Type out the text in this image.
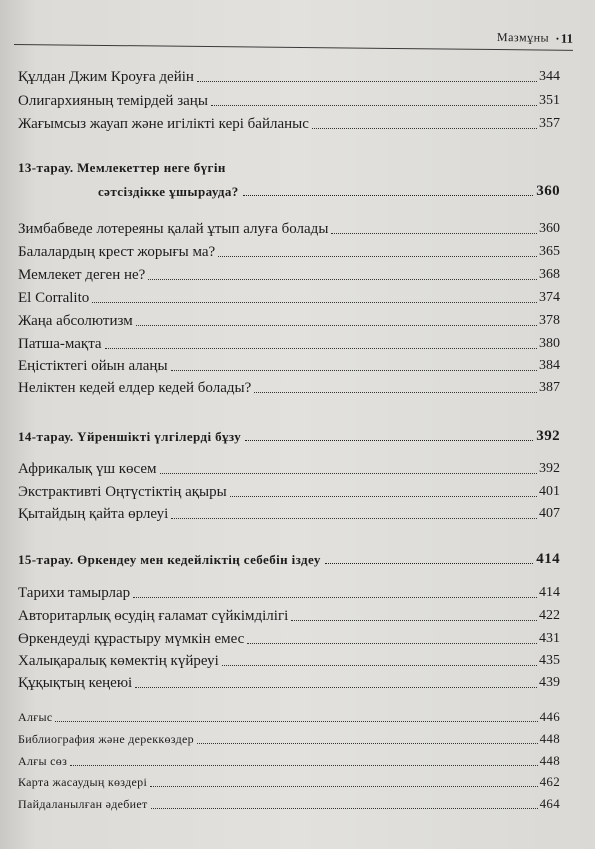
Мазмұны • 11
Құлдан Джим Кроуға дейін	344
Олигархияның темірдей заңы	351
Жағымсыз жауап және игілікті кері байланыс	357
13-тарау.
Мемлекеттер неге бүгін
сәтсіздікке ұшырауда?	360
Зимбабведе лотереяны қалай ұтып алуға болады	360
Балалардың крест жорығы ма?	365
Мемлекет деген не?	368
El Corralito	374
Жаңа абсолютизм	378
Патша-мақта	380
Еңістіктегі ойын алаңы	384
Неліктен кедей елдер кедей болады?	387
14-тарау.
Үйреншікті үлгілерді бұзу	392
Африкалық үш көсем	392
Экстрактивті Оңтүстіктің ақыры	401
Қытайдың қайта өрлеуі	407
15-тарау.
Өркендеу мен кедейліктің себебін іздеу	414
Тарихи тамырлар	414
Авторитарлық өсудің ғаламат сүйкімділігі	422
Өркендеуді құрастыру мүмкін емес	431
Халықаралық көмектің күйреуі	435
Құқықтың кеңеюі	439
Алғыс	446
Библиография және дереккөздер	448
Алғы сөз	448
Карта жасаудың көздері	462
Пайдаланылған әдебиет	464
